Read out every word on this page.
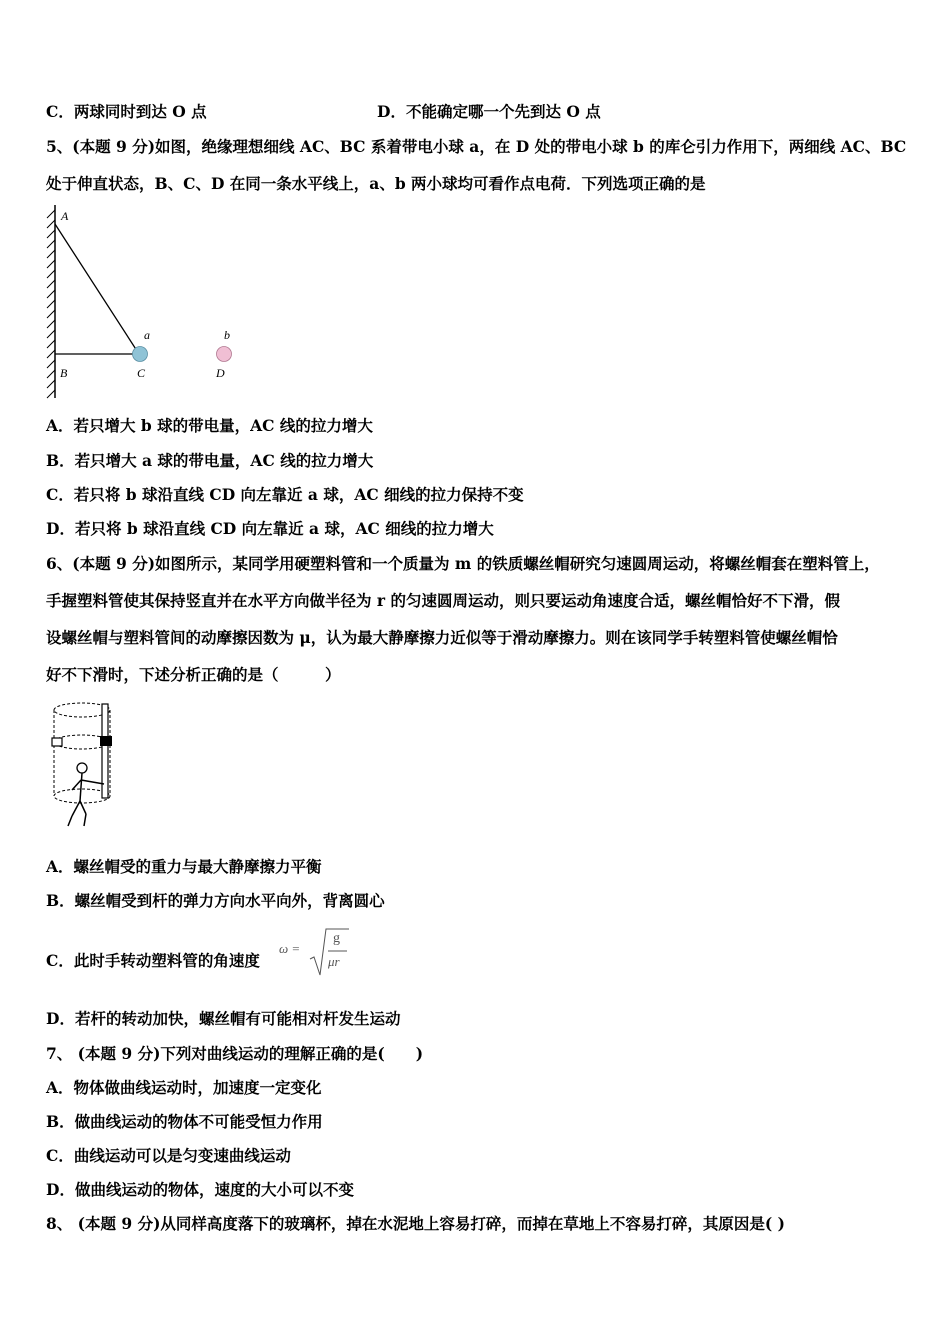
C．两球同时到达 O 点	D．不能确定哪一个先到达 O 点
5、(本题 9 分)如图，绝缘理想细线 AC、BC 系着带电小球 a，在 D 处的带电小球 b 的库仑引力作用下，两细线 AC、BC
处于伸直状态，B、C、D 在同一条水平线上，a、b 两小球均可看作点电荷．下列选项正确的是
A
B	C	D
a	b
A．若只增大 b 球的带电量，AC 线的拉力增大
B．若只增大 a 球的带电量，AC 线的拉力增大
C．若只将 b 球沿直线 CD 向左靠近 a 球，AC 细线的拉力保持不变
D．若只将 b 球沿直线 CD 向左靠近 a 球，AC 细线的拉力增大
6、(本题 9 分)如图所示，某同学用硬塑料管和一个质量为 m 的铁质螺丝帽研究匀速圆周运动，将螺丝帽套在塑料管上，
手握塑料管使其保持竖直并在水平方向做半径为 r 的匀速圆周运动，则只要运动角速度合适，螺丝帽恰好不下滑，假
设螺丝帽与塑料管间的动摩擦因数为 μ，认为最大静摩擦力近似等于滑动摩擦力。则在该同学手转塑料管使螺丝帽恰
好不下滑时，下述分析正确的是（　　　）
A．螺丝帽受的重力与最大静摩擦力平衡
B．螺丝帽受到杆的弹力方向水平向外，背离圆心
C．此时手转动塑料管的角速度
ω =
g
μr
D．若杆的转动加快，螺丝帽有可能相对杆发生运动
7、 (本题 9 分)下列对曲线运动的理解正确的是(　　)
A．物体做曲线运动时，加速度一定变化
B．做曲线运动的物体不可能受恒力作用
C．曲线运动可以是匀变速曲线运动
D．做曲线运动的物体，速度的大小可以不变
8、 (本题 9 分)从同样高度落下的玻璃杯，掉在水泥地上容易打碎，而掉在草地上不容易打碎，其原因是( )
